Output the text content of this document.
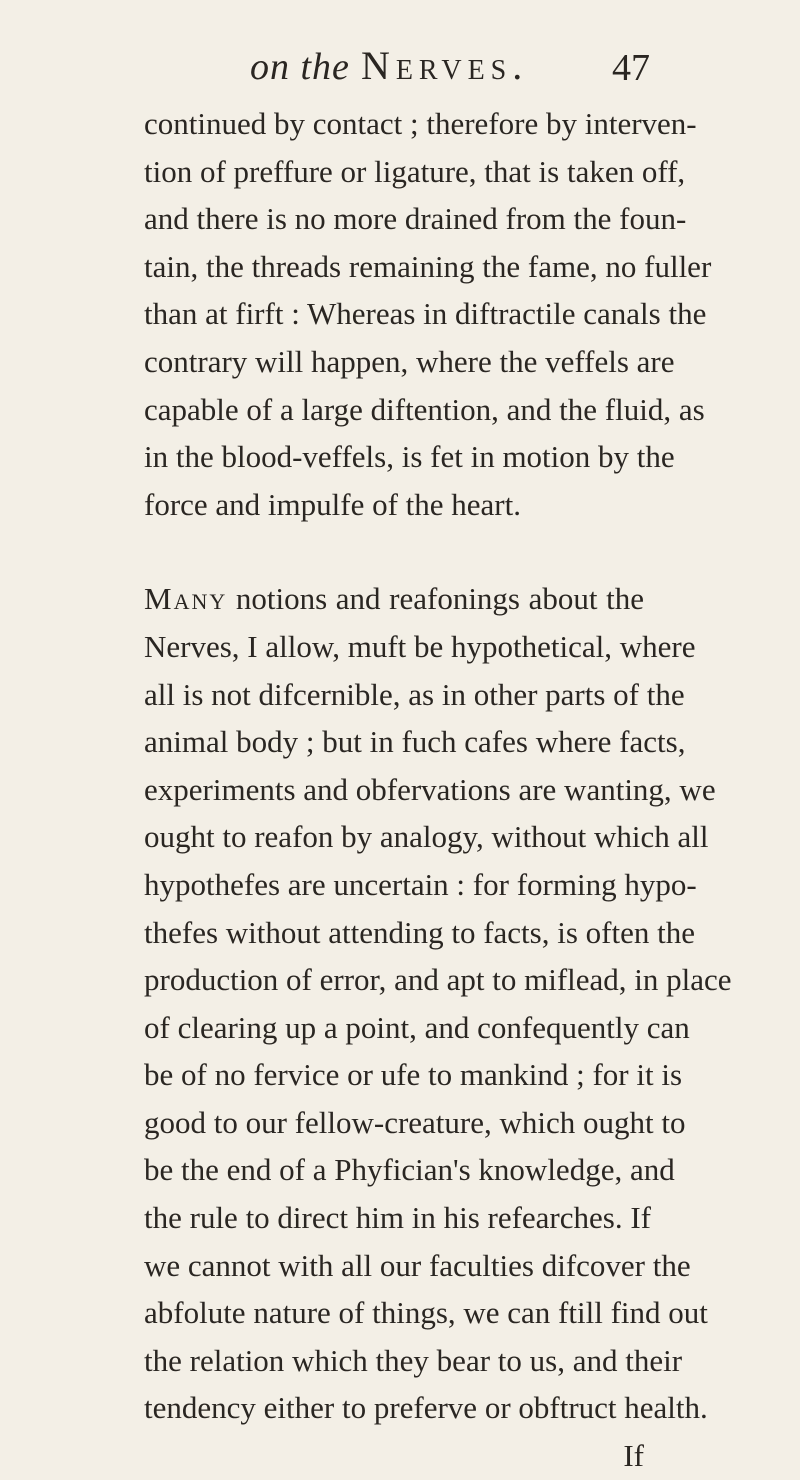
on the Nerves. 47
continued by contact ; therefore by interven-
tion of preffure or ligature, that is taken off,
and there is no more drained from the foun-
tain, the threads remaining the fame, no fuller
than at firft : Whereas in diftractile canals the
contrary will happen, where the veffels are
capable of a large diftention, and the fluid, as
in the blood-veffels, is fet in motion by the
force and impulfe of the heart.
Many notions and reafonings about the
Nerves, I allow, muft be hypothetical, where
all is not difcernible, as in other parts of the
animal body ; but in fuch cafes where facts,
experiments and obfervations are wanting, we
ought to reafon by analogy, without which all
hypothefes are uncertain : for forming hypo-
thefes without attending to facts, is often the
production of error, and apt to miflead, in place
of clearing up a point, and confequently can
be of no fervice or ufe to mankind ; for it is
good to our fellow-creature, which ought to
be the end of a Phyfician's knowledge, and
the rule to direct him in his refearches. If
we cannot with all our faculties difcover the
abfolute nature of things, we can ftill find out
the relation which they bear to us, and their
tendency either to preferve or obftruct health.
If
